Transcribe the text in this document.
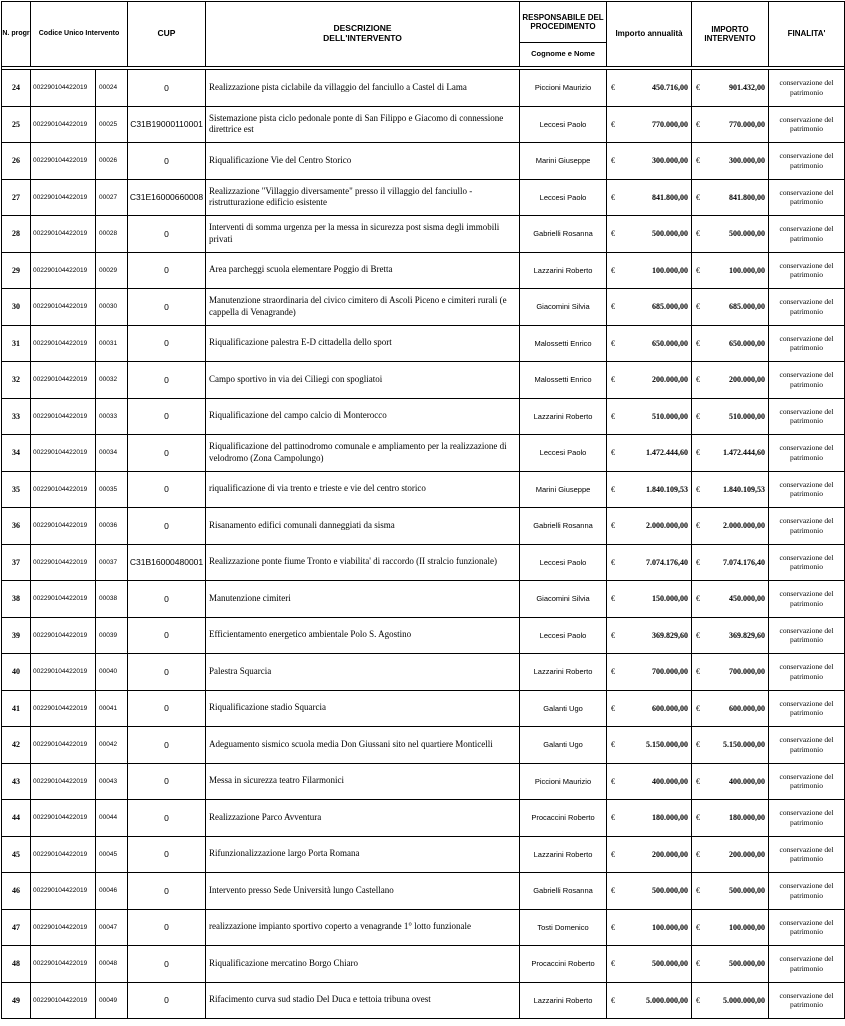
N. progr	Codice Unico Intervento		CUP	DESCRIZIONE
DELL'INTERVENTO	RESPONSABILE DEL PROCEDIMENTO	Importo annualità	IMPORTO INTERVENTO	FINALITA'
					Cognome e Nome			

24	002290104422019	00024	0	Realizzazione pista ciclabile da villaggio del fanciullo a Castel di Lama	Piccioni Maurizio	€ 450.716,00	€ 901.432,00	conservazione del patrimonio
25	002290104422019	00025	C31B19000110001	Sistemazione pista ciclo pedonale ponte di San Filippo e Giacomo di connessione direttrice est	Leccesi Paolo	€ 770.000,00	€ 770.000,00	conservazione del patrimonio
26	002290104422019	00026	0	Riqualificazione Vie del Centro Storico	Marini Giuseppe	€ 300.000,00	€ 300.000,00	conservazione del patrimonio
27	002290104422019	00027	C31E16000660008	Realizzazione "Villaggio diversamente" presso il villaggio del fanciullo - ristrutturazione edificio esistente	Leccesi Paolo	€ 841.800,00	€ 841.800,00	conservazione del patrimonio
28	002290104422019	00028	0	Interventi di somma urgenza per la messa in sicurezza post sisma degli immobili privati	Gabrielli Rosanna	€ 500.000,00	€ 500.000,00	conservazione del patrimonio
29	002290104422019	00029	0	Area parcheggi scuola elementare Poggio di Bretta	Lazzarini Roberto	€ 100.000,00	€ 100.000,00	conservazione del patrimonio
30	002290104422019	00030	0	Manutenzione straordinaria del civico cimitero di Ascoli Piceno e cimiteri rurali (e cappella di Venagrande)	Giacomini Silvia	€ 685.000,00	€ 685.000,00	conservazione del patrimonio
31	002290104422019	00031	0	Riqualificazione palestra E-D cittadella dello sport	Malossetti Enrico	€ 650.000,00	€ 650.000,00	conservazione del patrimonio
32	002290104422019	00032	0	Campo sportivo in via dei Ciliegi con spogliatoi	Malossetti Enrico	€ 200.000,00	€ 200.000,00	conservazione del patrimonio
33	002290104422019	00033	0	Riqualificazione del campo calcio di Monterocco	Lazzarini Roberto	€ 510.000,00	€ 510.000,00	conservazione del patrimonio
34	002290104422019	00034	0	Riqualificazione del pattinodromo comunale e ampliamento per la realizzazione di velodromo (Zona Campolungo)	Leccesi Paolo	€ 1.472.444,60	€ 1.472.444,60	conservazione del patrimonio
35	002290104422019	00035	0	riqualificazione di via trento e trieste e vie del centro storico	Marini Giuseppe	€ 1.840.109,53	€ 1.840.109,53	conservazione del patrimonio
36	002290104422019	00036	0	Risanamento edifici comunali danneggiati da sisma	Gabrielli Rosanna	€ 2.000.000,00	€ 2.000.000,00	conservazione del patrimonio
37	002290104422019	00037	C31B16000480001	Realizzazione ponte fiume Tronto e viabilita' di raccordo (II stralcio funzionale)	Leccesi Paolo	€ 7.074.176,40	€ 7.074.176,40	conservazione del patrimonio
38	002290104422019	00038	0	Manutenzione cimiteri	Giacomini Silvia	€ 150.000,00	€ 450.000,00	conservazione del patrimonio
39	002290104422019	00039	0	Efficientamento energetico ambientale Polo S. Agostino	Leccesi Paolo	€ 369.829,60	€ 369.829,60	conservazione del patrimonio
40	002290104422019	00040	0	Palestra Squarcia	Lazzarini Roberto	€ 700.000,00	€ 700.000,00	conservazione del patrimonio
41	002290104422019	00041	0	Riqualificazione stadio Squarcia	Galanti Ugo	€ 600.000,00	€ 600.000,00	conservazione del patrimonio
42	002290104422019	00042	0	Adeguamento sismico scuola media Don Giussani sito nel quartiere Monticelli	Galanti Ugo	€ 5.150.000,00	€ 5.150.000,00	conservazione del patrimonio
43	002290104422019	00043	0	Messa in sicurezza teatro Filarmonici	Piccioni Maurizio	€ 400.000,00	€ 400.000,00	conservazione del patrimonio
44	002290104422019	00044	0	Realizzazione Parco Avventura	Procaccini Roberto	€ 180.000,00	€ 180.000,00	conservazione del patrimonio
45	002290104422019	00045	0	Rifunzionalizzazione largo Porta Romana	Lazzarini Roberto	€ 200.000,00	€ 200.000,00	conservazione del patrimonio
46	002290104422019	00046	0	Intervento presso Sede Università lungo Castellano	Gabrielli Rosanna	€ 500.000,00	€ 500.000,00	conservazione del patrimonio
47	002290104422019	00047	0	realizzazione impianto sportivo coperto a venagrande 1° lotto funzionale	Tosti Domenico	€ 100.000,00	€ 100.000,00	conservazione del patrimonio
48	002290104422019	00048	0	Riqualificazione mercatino Borgo Chiaro	Procaccini Roberto	€ 500.000,00	€ 500.000,00	conservazione del patrimonio
49	002290104422019	00049	0	Rifacimento curva sud stadio Del Duca e tettoia tribuna ovest	Lazzarini Roberto	€ 5.000.000,00	€ 5.000.000,00	conservazione del patrimonio
